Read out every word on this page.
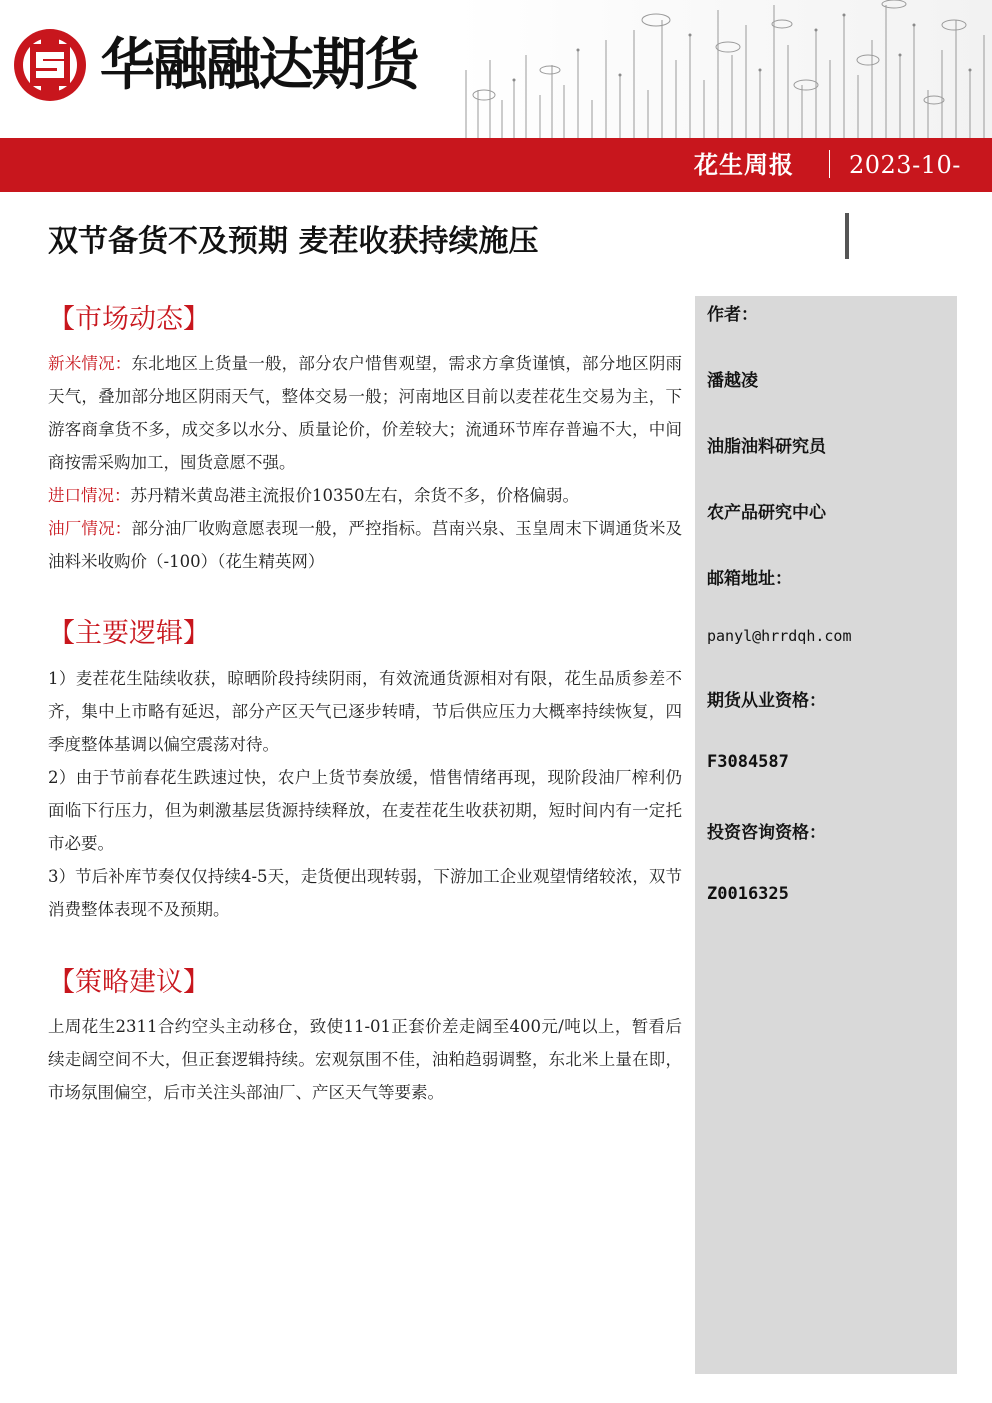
华融融达期货
花生周报 2023-10-16
双节备货不及预期 麦茬收获持续施压
作者：
潘越凌
油脂油料研究员
农产品研究中心
邮箱地址：
panyl@hrrdqh.com
期货从业资格：
F3084587
投资咨询资格：
Z0016325
【市场动态】
新米情况：东北地区上货量一般，部分农户惜售观望，需求方拿货谨慎，部分地区阴雨天气，叠加部分地区阴雨天气，整体交易一般；河南地区目前以麦茬花生交易为主，下游客商拿货不多，成交多以水分、质量论价，价差较大；流通环节库存普遍不大，中间商按需采购加工，囤货意愿不强。
进口情况：苏丹精米黄岛港主流报价10350左右，余货不多，价格偏弱。
油厂情况：部分油厂收购意愿表现一般，严控指标。莒南兴泉、玉皇周末下调通货米及油料米收购价（-100）（花生精英网）
【主要逻辑】
1）麦茬花生陆续收获，晾晒阶段持续阴雨，有效流通货源相对有限，花生品质参差不齐，集中上市略有延迟，部分产区天气已逐步转晴，节后供应压力大概率持续恢复，四季度整体基调以偏空震荡对待。
2）由于节前春花生跌速过快，农户上货节奏放缓，惜售情绪再现，现阶段油厂榨利仍面临下行压力，但为刺激基层货源持续释放，在麦茬花生收获初期，短时间内有一定托市必要。
3）节后补库节奏仅仅持续4-5天，走货便出现转弱，下游加工企业观望情绪较浓，双节消费整体表现不及预期。
【策略建议】
上周花生2311合约空头主动移仓，致使11-01正套价差走阔至400元/吨以上，暂看后续走阔空间不大，但正套逻辑持续。宏观氛围不佳，油粕趋弱调整，东北米上量在即，市场氛围偏空，后市关注头部油厂、产区天气等要素。
